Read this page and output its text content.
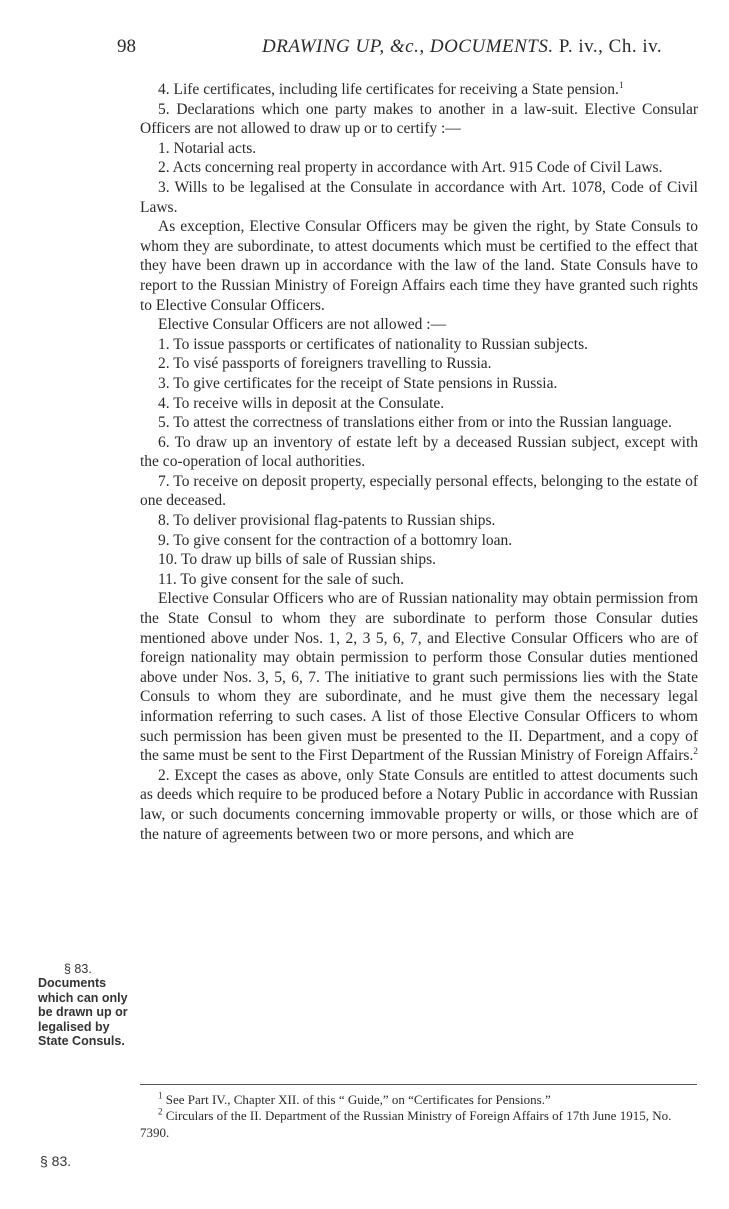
98	DRAWING UP, &c., DOCUMENTS. P. iv., Ch. iv.

4. Life certificates, including life certificates for receiving a State pension.$^1$

5. Declarations which one party makes to another in a law-suit. Elective Consular Officers are not allowed to draw up or to certify :—

1. Notarial acts.

2. Acts concerning real property in accordance with Art. 915 Code of Civil Laws.

3. Wills to be legalised at the Consulate in accordance with Art. 1078, Code of Civil Laws.

As exception, Elective Consular Officers may be given the right, by State Consuls to whom they are subordinate, to attest documents which must be certified to the effect that they have been drawn up in accordance with the law of the land. State Consuls have to report to the Russian Ministry of Foreign Affairs each time they have granted such rights to Elective Consular Officers.

Elective Consular Officers are not allowed :—

1. To issue passports or certificates of nationality to Russian subjects.

2. To visé passports of foreigners travelling to Russia.

3. To give certificates for the receipt of State pensions in Russia.

4. To receive wills in deposit at the Consulate.

5. To attest the correctness of translations either from or into the Russian language.

6. To draw up an inventory of estate left by a deceased Russian subject, except with the co-operation of local authorities.

7. To receive on deposit property, especially personal effects, belonging to the estate of one deceased.

8. To deliver provisional flag-patents to Russian ships.

9. To give consent for the contraction of a bottomry loan.

10. To draw up bills of sale of Russian ships.

11. To give consent for the sale of such.

Elective Consular Officers who are of Russian nationality may obtain permission from the State Consul to whom they are subordinate to perform those Consular duties mentioned above under Nos. 1, 2, 3 5, 6, 7, and Elective Consular Officers who are of foreign nationality may obtain permission to perform those Consular duties mentioned above under Nos. 3, 5, 6, 7. The initiative to grant such permissions lies with the State Consuls to whom they are subordinate, and he must give them the necessary legal information referring to such cases. A list of those Elective Consular Officers to whom such permission has been given must be presented to the II. Department, and a copy of the same must be sent to the First Department of the Russian Ministry of Foreign Affairs.$^2$

2. Except the cases as above, only State Consuls are entitled to attest documents such as deeds which require to be produced before a Notary Public in accordance with Russian law, or such documents concerning immovable property or wills, or those which are of the nature of agreements between two or more persons, and which are

§ 83.
Documents which can only be drawn up or legalised by State Consuls.

$^1$ See Part IV., Chapter XII. of this “ Guide,” on “Certificates for Pensions.”

$^2$ Circulars of the II. Department of the Russian Ministry of Foreign Affairs of 17th June 1915, No. 7390.

§ 83.
